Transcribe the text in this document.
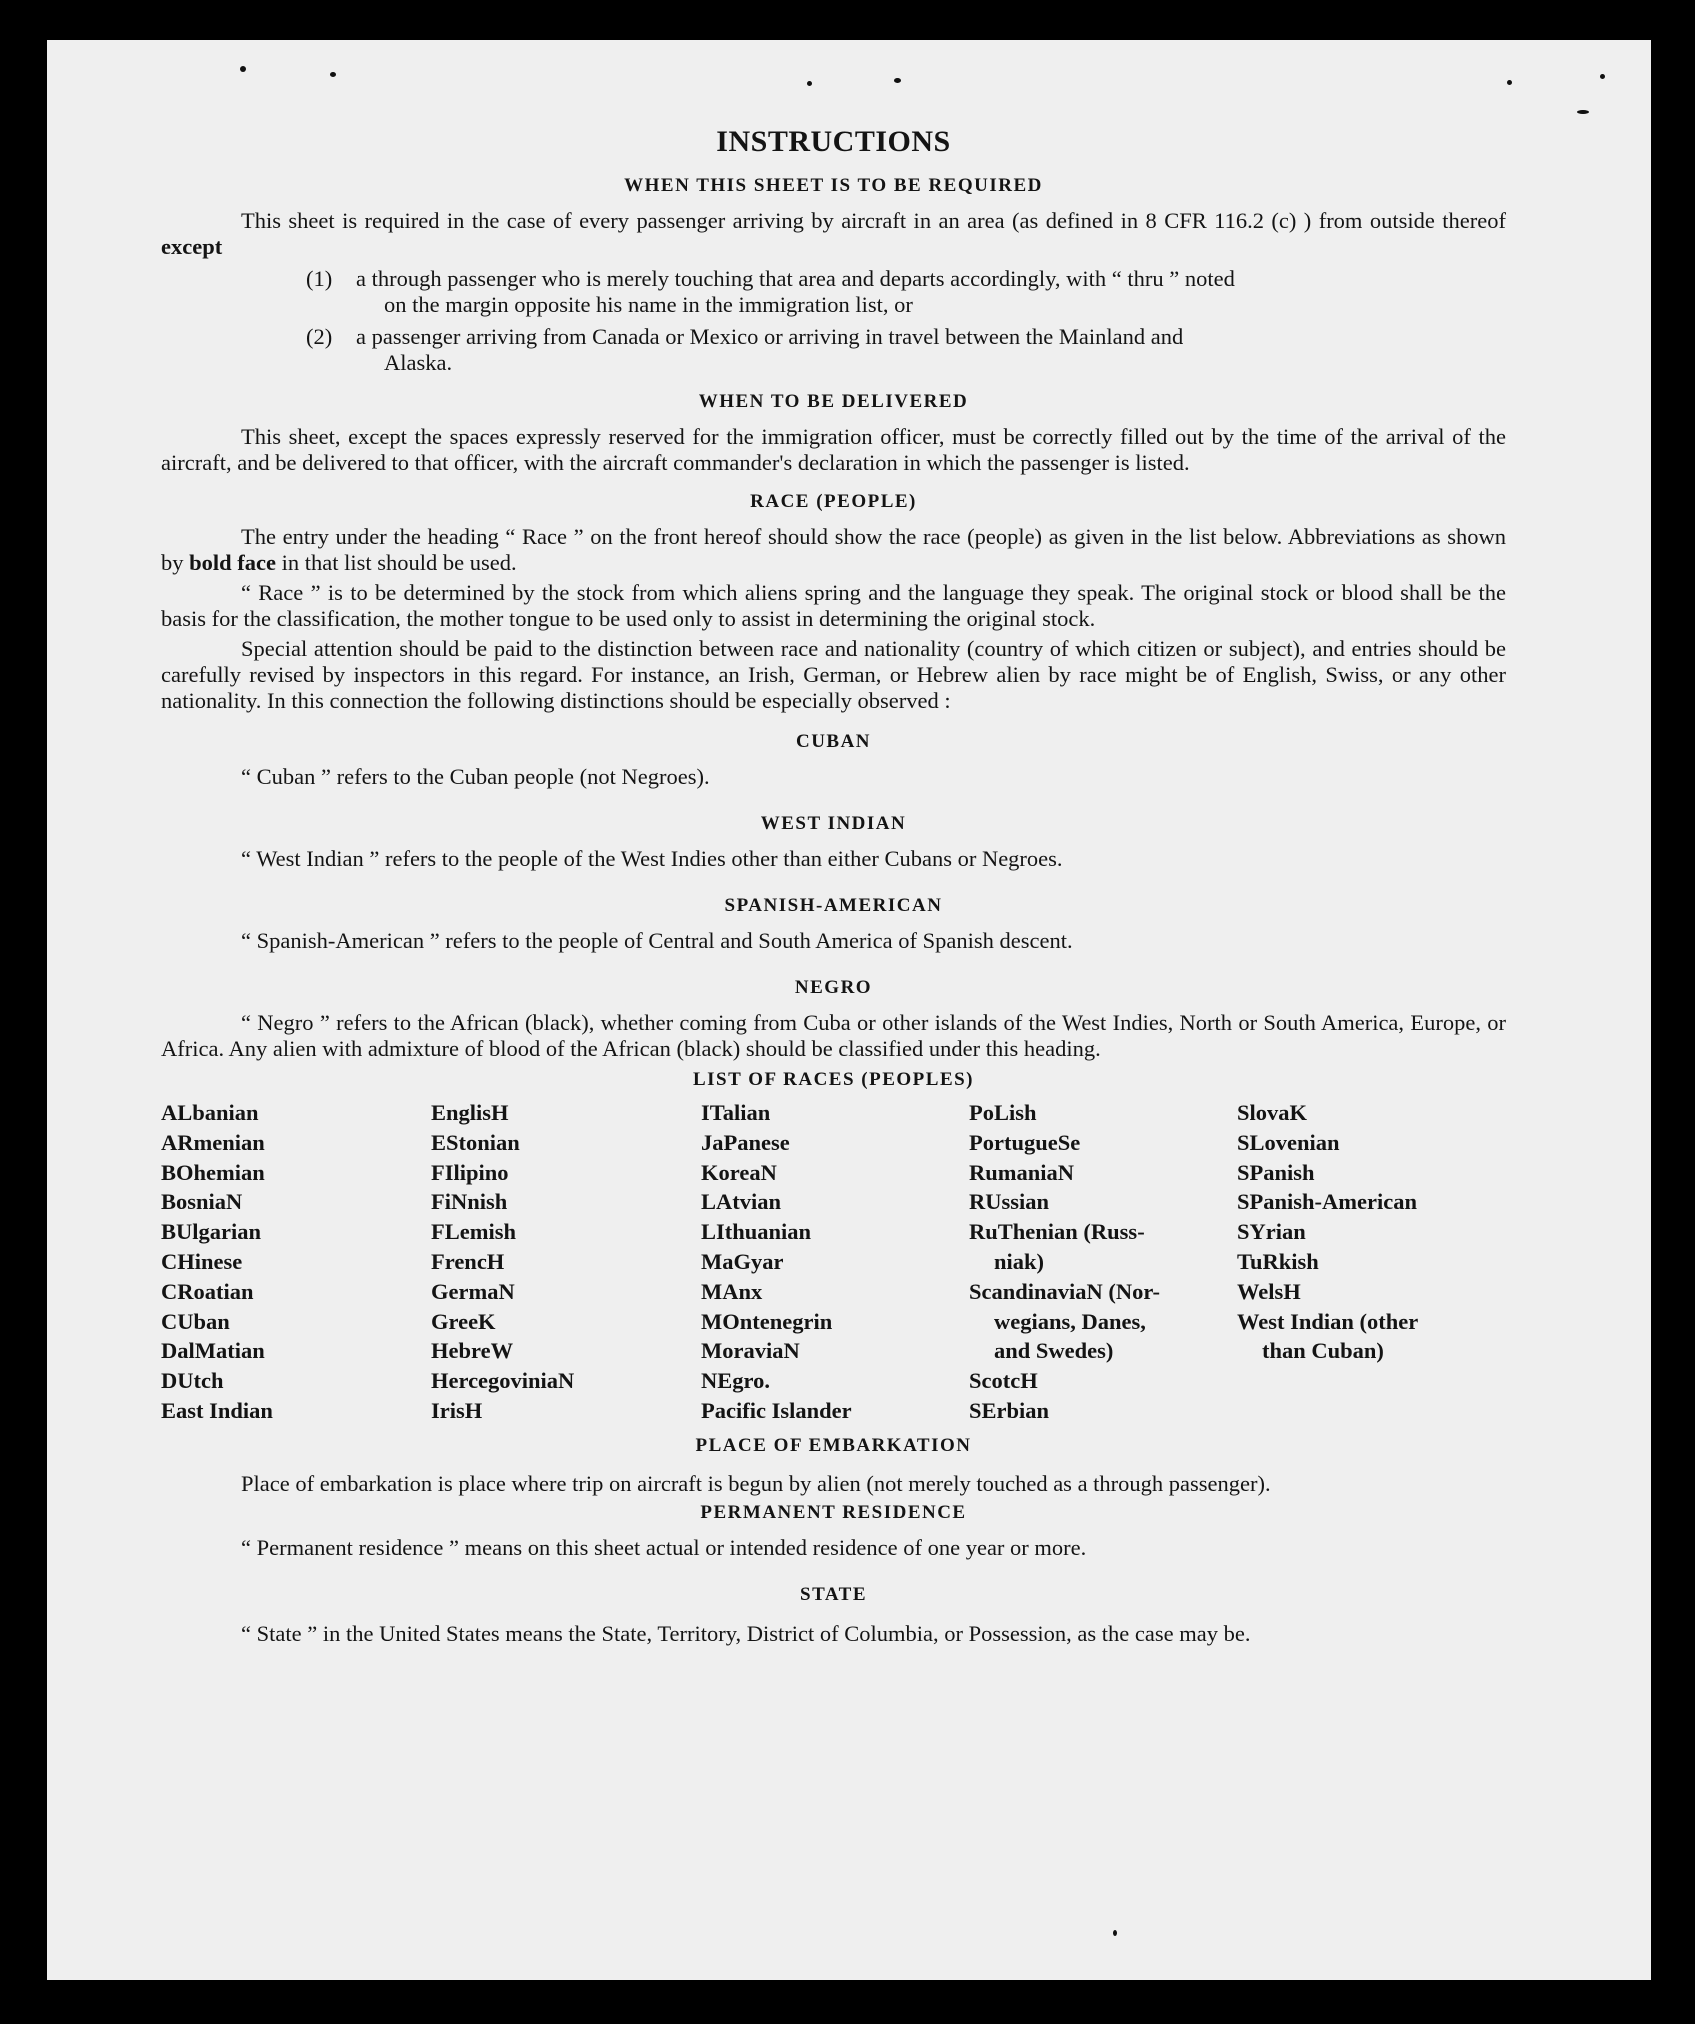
INSTRUCTIONS
WHEN THIS SHEET IS TO BE REQUIRED

This sheet is required in the case of every passenger arriving by aircraft in an area (as defined in 8 CFR 116.2 (c) ) from outside thereof except

(1)	a through passenger who is merely touching that area and departs accordingly, with “ thru ” noted
on the margin opposite his name in the immigration list, or
(2)	a passenger arriving from Canada or Mexico or arriving in travel between the Mainland and
Alaska.
WHEN TO BE DELIVERED

This sheet, except the spaces expressly reserved for the immigration officer, must be correctly filled out by the time of the arrival of the aircraft, and be delivered to that officer, with the aircraft commander's declaration in which the passenger is listed.

RACE (PEOPLE)

The entry under the heading “ Race ” on the front hereof should show the race (people) as given in the list below. Abbreviations as shown by bold face in that list should be used.

“ Race ” is to be determined by the stock from which aliens spring and the language they speak. The original stock or blood shall be the basis for the classification, the mother tongue to be used only to assist in determining the original stock.

Special attention should be paid to the distinction between race and nationality (country of which citizen or subject), and entries should be carefully revised by inspectors in this regard. For instance, an Irish, German, or Hebrew alien by race might be of English, Swiss, or any other nationality. In this connection the following distinctions should be especially observed :

CUBAN

“ Cuban ” refers to the Cuban people (not Negroes).

WEST INDIAN

“ West Indian ” refers to the people of the West Indies other than either Cubans or Negroes.

SPANISH-AMERICAN

“ Spanish-American ” refers to the people of Central and South America of Spanish descent.

NEGRO

“ Negro ” refers to the African (black), whether coming from Cuba or other islands of the West Indies, North or South America, Europe, or Africa. Any alien with admixture of blood of the African (black) should be classified under this heading.

LIST OF RACES (PEOPLES)
ALbanian
ARmenian
BOhemian
BosniaN
BUlgarian
CHinese
CRoatian
CUban
DalMatian
DUtch
East Indian
EnglisH
EStonian
FIlipino
FiNnish
FLemish
FrencH
GermaN
GreeK
HebreW
HercegoviniaN
IrisH
ITalian
JaPanese
KoreaN
LAtvian
LIthuanian
MaGyar
MAnx
MOntenegrin
MoraviaN
NEgro.
Pacific Islander
PoLish
PortugueSe
RumaniaN
RUssian
RuThenian (Russ-
niak)
ScandinaviaN (Nor-
wegians, Danes,
and Swedes)
ScotcH
SErbian
SlovaK
SLovenian
SPanish
SPanish-American
SYrian
TuRkish
WelsH
West Indian (other
than Cuban)
PLACE OF EMBARKATION

Place of embarkation is place where trip on aircraft is begun by alien (not merely touched as a through passenger).

PERMANENT RESIDENCE

“ Permanent residence ” means on this sheet actual or intended residence of one year or more.

STATE

“ State ” in the United States means the State, Territory, District of Columbia, or Possession, as the case may be.
